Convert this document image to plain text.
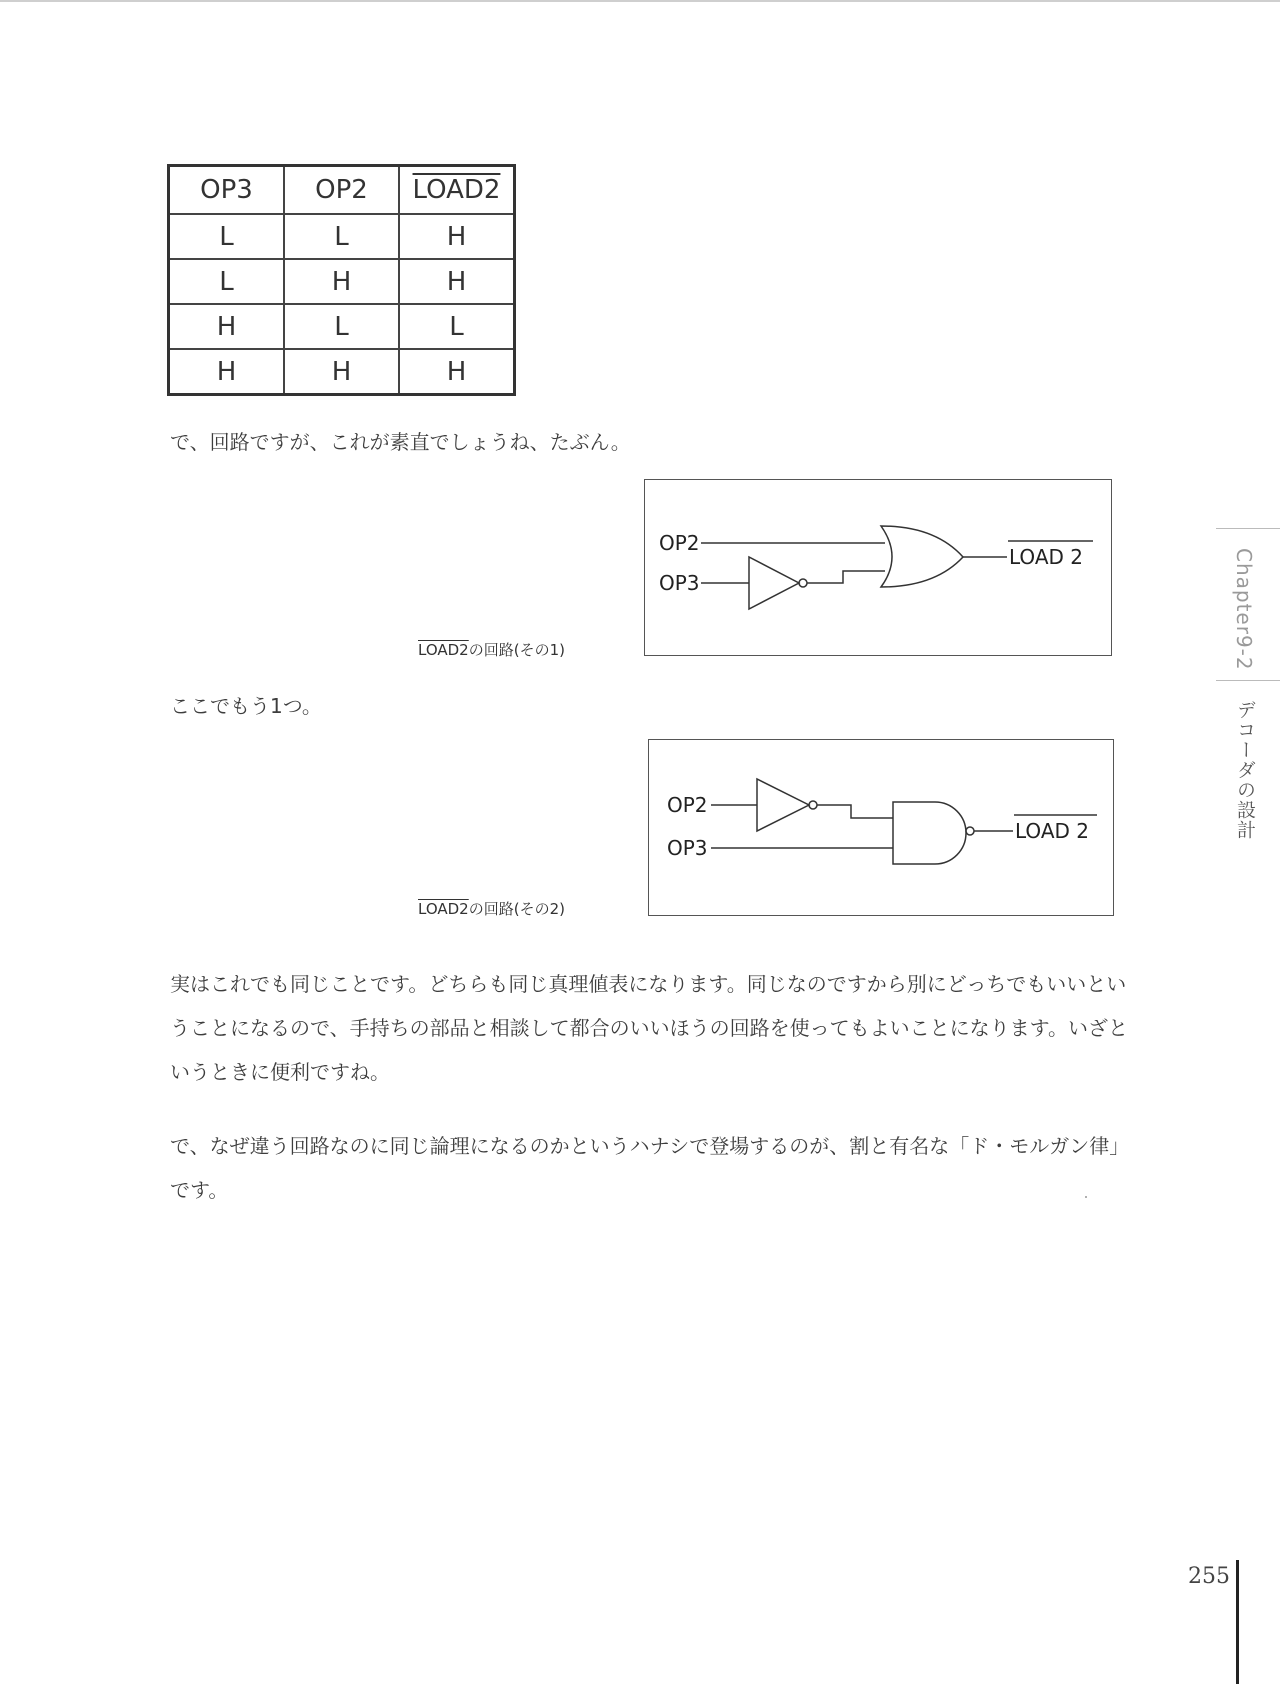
OP3	OP2	LOAD2
L	L	H
L	H	H
H	L	L
H	H	H

で、回路ですが、これが素直でしょうね、たぶん。

OP2
OP3
LOAD 2
LOAD2の回路(その1)

ここでもう1つ。

OP2
OP3
LOAD 2
LOAD2の回路(その2)

実はこれでも同じことです。どちらも同じ真理値表になります。同じなのですから別にどっちでもいいということになるので、手持ちの部品と相談して都合のいいほうの回路を使ってもよいことになります。いざというときに便利ですね。

で、なぜ違う回路なのに同じ論理になるのかというハナシで登場するのが、割と有名な「ド・モルガン律」です。

Chapter9-2
デコーダの設計
255
